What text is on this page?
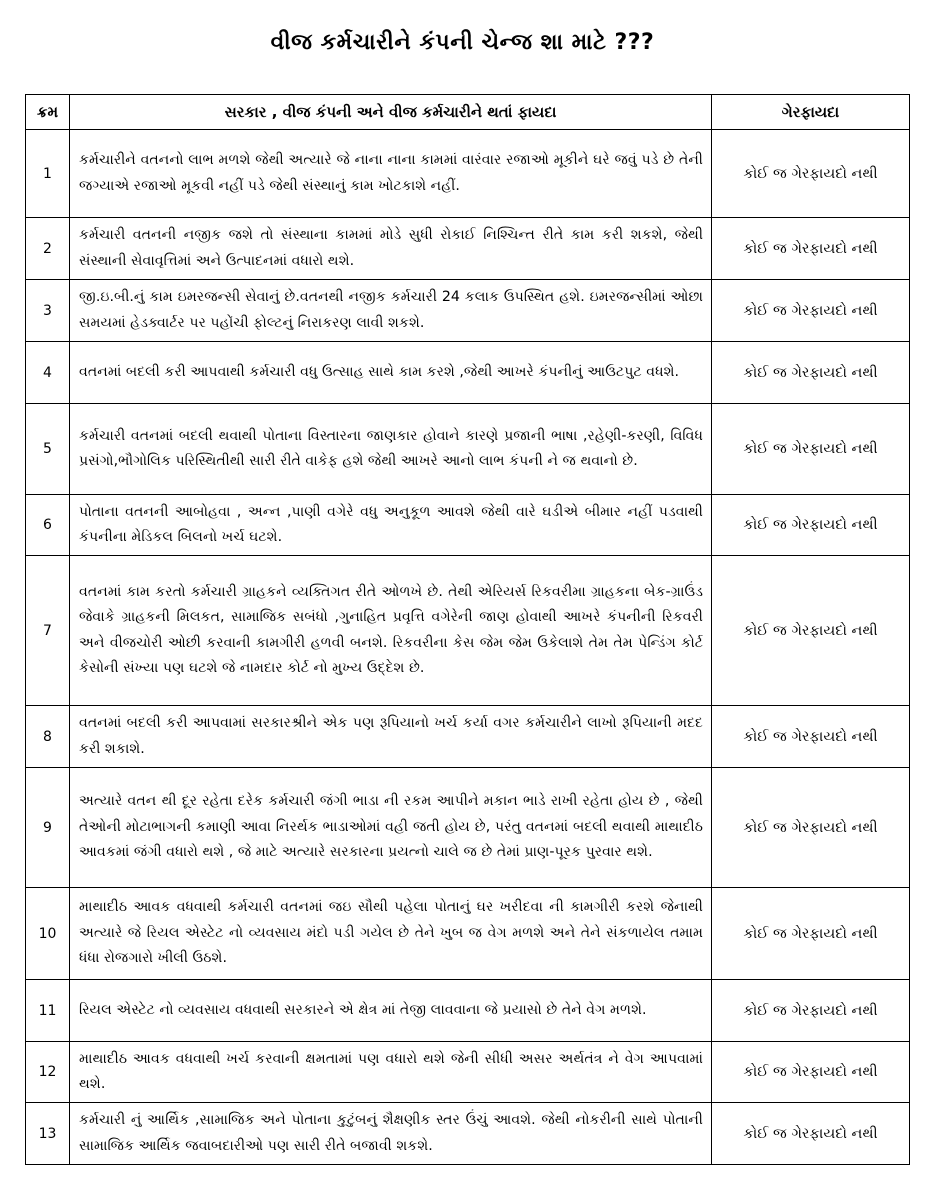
વીજ કર્મચારીને કંપની ચેન્જ શા માટે ???
ક્રમ	સરકાર , વીજ કંપની અને વીજ કર્મચારીને થતાં ફાયદા	ગેરફાયદા
1	કર્મચારીને વતનનો લાભ મળશે જેથી અત્યારે જે નાના નાના કામમાં વારંવાર રજાઓ મૂકીને ઘરે જવું પડે છે તેની જગ્યાએ રજાઓ મૂકવી નહીં પડે જેથી સંસ્થાનું કામ ખોટકાશે નહીં.	કોઈ જ ગેરફાયદો નથી
2	કર્મચારી વતનની નજીક જશે તો સંસ્થાના કામમાં મોડે સુધી રોકાઈ નિશ્ચિન્ત રીતે કામ કરી શકશે, જેથી સંસ્થાની સેવાવૃત્તિમાં અને ઉત્પાદનમાં વધારો થશે.	કોઈ જ ગેરફાયદો નથી
3	જી.ઇ.બી.નું કામ ઇમરજન્સી સેવાનું છે.વતનથી નજીક કર્મચારી 24 કલાક ઉપસ્થિત હશે. ઇમરજન્સીમાં ઓછા સમયમાં હેડક્વાર્ટર પર પહોંચી ફોલ્ટનું નિરાકરણ લાવી શકશે.	કોઈ જ ગેરફાયદો નથી
4	વતનમાં બદલી કરી આપવાથી કર્મચારી વધુ ઉત્સાહ સાથે કામ કરશે ,જેથી આખરે કંપનીનું આઉટપુટ વધશે.	કોઈ જ ગેરફાયદો નથી
5	કર્મચારી વતનમાં બદલી થવાથી પોતાના વિસ્તારના જાણકાર હોવાને કારણે પ્રજાની ભાષા ,રહેણી-કરણી, વિવિધ પ્રસંગો,ભૌગોલિક પરિસ્થિતીથી સારી રીતે વાકેફ હશે જેથી આખરે આનો લાભ કંપની ને જ થવાનો છે.	કોઈ જ ગેરફાયદો નથી
6	પોતાના વતનની આબોહવા , અન્ન ,પાણી વગેરે વધુ અનુકૂળ આવશે જેથી વારે ઘડીએ બીમાર નહીં પડવાથી કંપનીના મેડિકલ બિલનો ખર્ચ ઘટશે.	કોઈ જ ગેરફાયદો નથી
7	વતનમાં કામ કરતો કર્મચારી ગ્રાહકને વ્યક્તિગત રીતે ઓળખે છે. તેથી એરિયર્સ રિકવરીમા ગ્રાહકના બેક-ગ્રાઉંડ જેવાકે ગ્રાહકની મિલકત, સામાજિક સબંધો ,ગુનાહિત પ્રવૃત્તિ વગેરેની જાણ હોવાથી આખરે કંપનીની રિકવરી અને વીજચોરી ઓછી કરવાની કામગીરી હળવી બનશે. રિકવરીના કેસ જેમ જેમ ઉકેલાશે તેમ તેમ પેન્ડિંગ કોર્ટ કેસોની સંખ્યા પણ ઘટશે જે નામદાર કોર્ટ નો મુખ્ય ઉદ્દેશ છે.	કોઈ જ ગેરફાયદો નથી
8	વતનમાં બદલી કરી આપવામાં સરકારશ્રીને એક પણ રૂપિયાનો ખર્ચ કર્યા વગર કર્મચારીને લાખો રૂપિયાની મદદ કરી શકાશે.	કોઈ જ ગેરફાયદો નથી
9	અત્યારે વતન થી દૂર રહેતા દરેક કર્મચારી જંગી ભાડા ની રકમ આપીને મકાન ભાડે રાખી રહેતા હોય છે , જેથી તેઓની મોટાભાગની કમાણી આવા નિરર્થક ભાડાઓમાં વહી જતી હોય છે, પરંતુ વતનમાં બદલી થવાથી માથાદીઠ આવકમાં જંગી વધારો થશે , જે માટે અત્યારે સરકારના પ્રયત્નો ચાલે જ છે તેમાં પ્રાણ-પૂરક પુરવાર થશે.	કોઈ જ ગેરફાયદો નથી
10	માથાદીઠ આવક વધવાથી કર્મચારી વતનમાં જઇ સૌથી પહેલા પોતાનું ઘર ખરીદવા ની કામગીરી કરશે જેનાથી અત્યારે જે રિયલ એસ્ટેટ નો વ્યવસાય મંદો પડી ગયેલ છે તેને ખુબ જ વેગ મળશે અને તેને સંકળાયેલ તમામ ધંધા રોજગારો ખીલી ઉઠશે.	કોઈ જ ગેરફાયદો નથી
11	રિયલ એસ્ટેટ નો વ્યવસાય વધવાથી સરકારને એ ક્ષેત્ર માં તેજી લાવવાના જે પ્રયાસો છે તેને વેગ મળશે.	કોઈ જ ગેરફાયદો નથી
12	માથાદીઠ આવક વધવાથી ખર્ચ કરવાની ક્ષમતામાં પણ વધારો થશે જેની સીધી અસર અર્થતંત્ર ને વેગ આપવામાં થશે.	કોઈ જ ગેરફાયદો નથી
13	કર્મચારી નું આર્થિક ,સામાજિક અને પોતાના કુટુંબનું શૈક્ષણીક સ્તર ઉંચું આવશે. જેથી નોકરીની સાથે પોતાની સામાજિક આર્થિક જવાબદારીઓ પણ સારી રીતે બજાવી શકશે.	કોઈ જ ગેરફાયદો નથી
